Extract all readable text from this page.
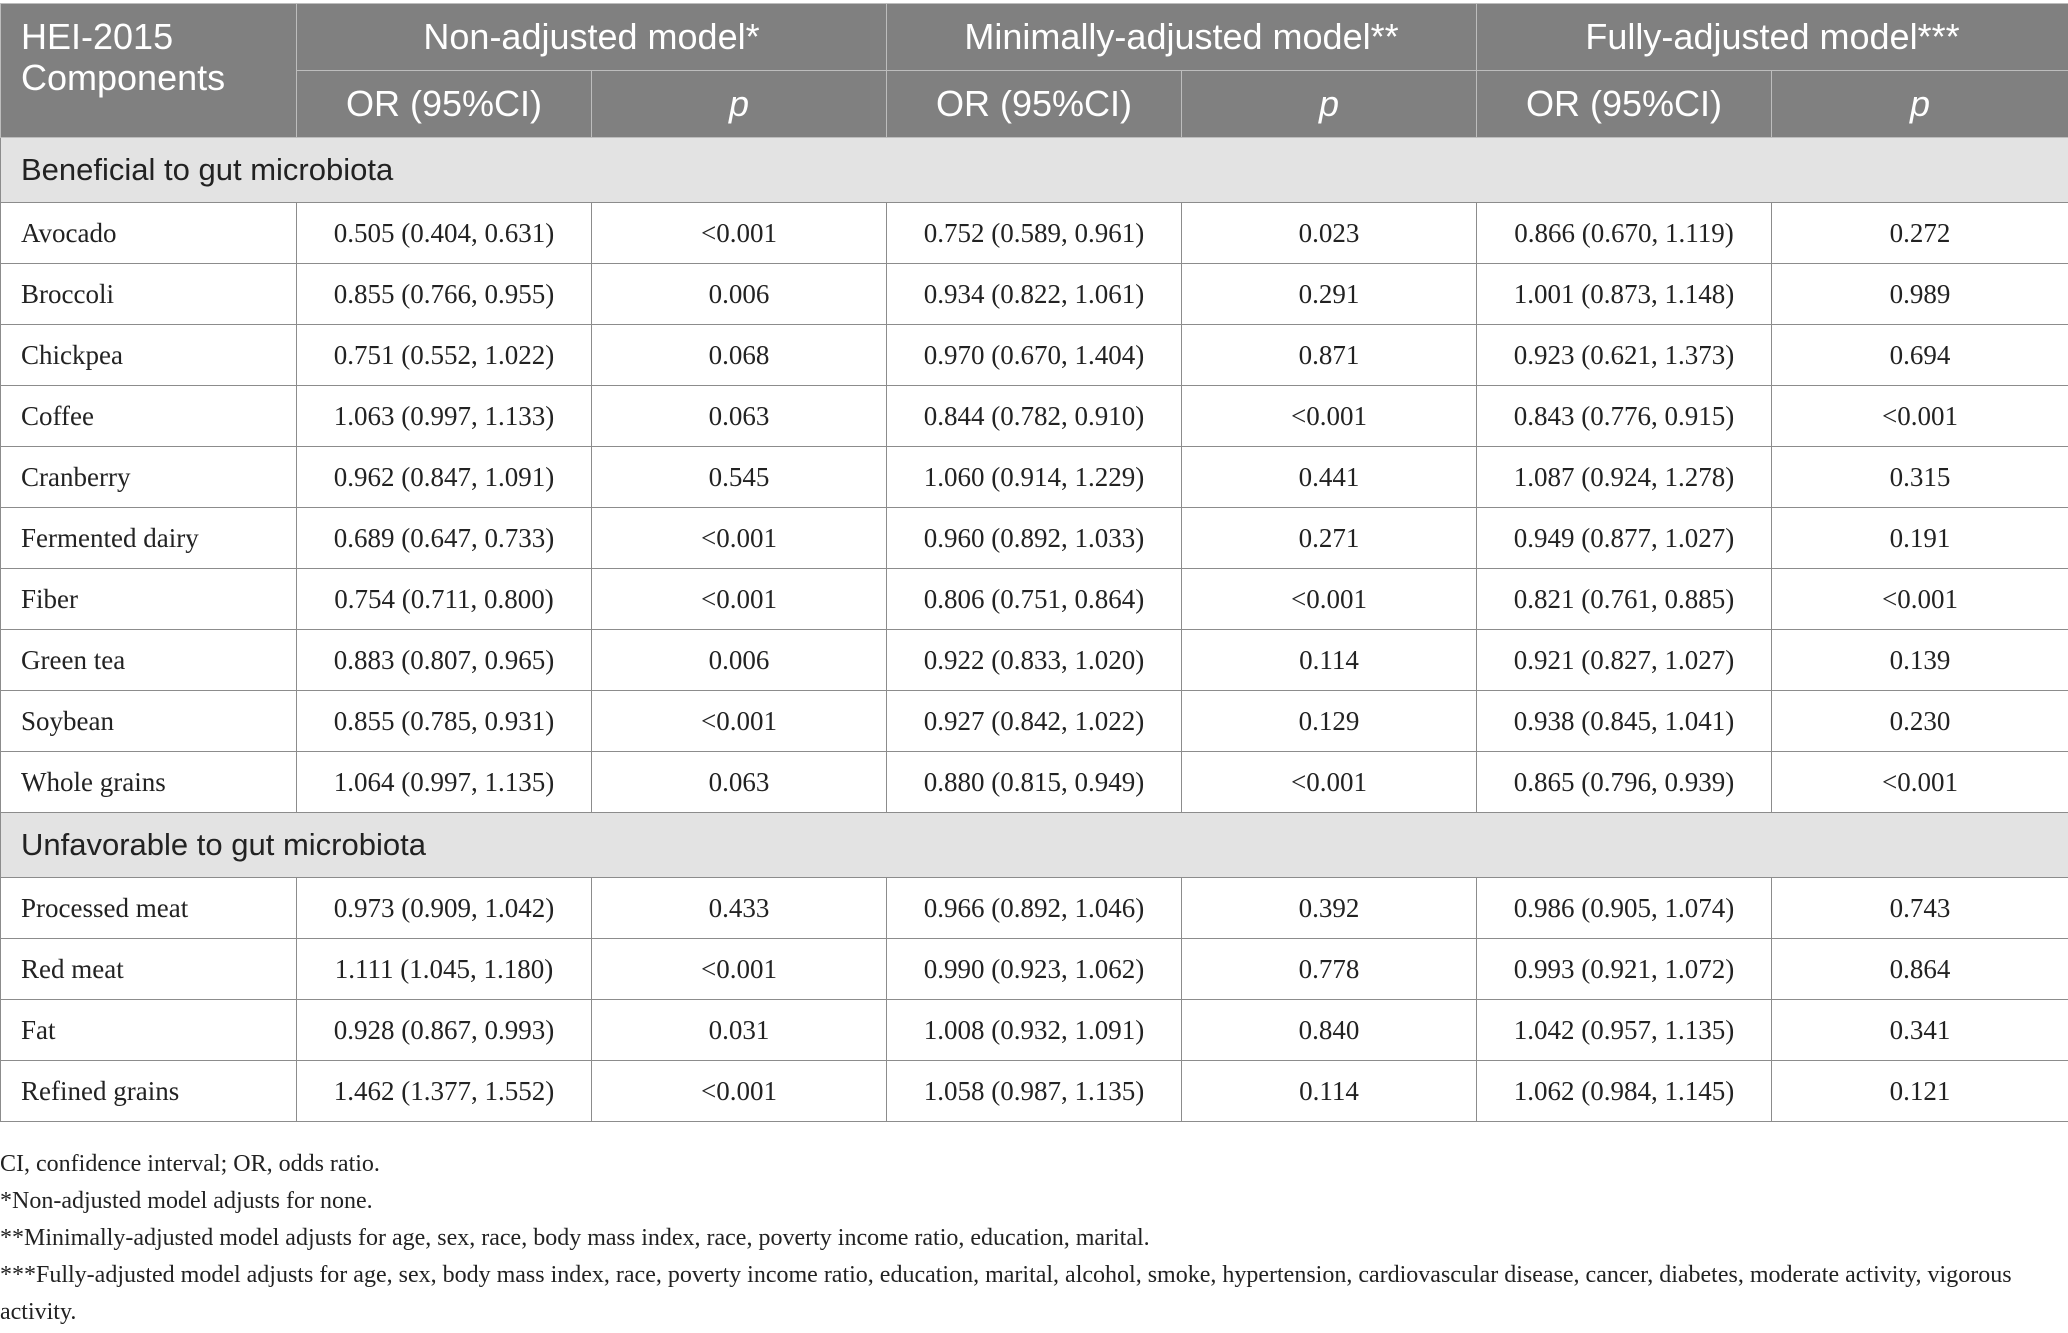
HEI-2015 Components	Non-adjusted model*		Minimally-adjusted model**		Fully-adjusted model***	
	OR (95%CI)	p	OR (95%CI)	p	OR (95%CI)	p
Beneficial to gut microbiota						
Avocado	0.505 (0.404, 0.631)	<0.001	0.752 (0.589, 0.961)	0.023	0.866 (0.670, 1.119)	0.272
Broccoli	0.855 (0.766, 0.955)	0.006	0.934 (0.822, 1.061)	0.291	1.001 (0.873, 1.148)	0.989
Chickpea	0.751 (0.552, 1.022)	0.068	0.970 (0.670, 1.404)	0.871	0.923 (0.621, 1.373)	0.694
Coffee	1.063 (0.997, 1.133)	0.063	0.844 (0.782, 0.910)	<0.001	0.843 (0.776, 0.915)	<0.001
Cranberry	0.962 (0.847, 1.091)	0.545	1.060 (0.914, 1.229)	0.441	1.087 (0.924, 1.278)	0.315
Fermented dairy	0.689 (0.647, 0.733)	<0.001	0.960 (0.892, 1.033)	0.271	0.949 (0.877, 1.027)	0.191
Fiber	0.754 (0.711, 0.800)	<0.001	0.806 (0.751, 0.864)	<0.001	0.821 (0.761, 0.885)	<0.001
Green tea	0.883 (0.807, 0.965)	0.006	0.922 (0.833, 1.020)	0.114	0.921 (0.827, 1.027)	0.139
Soybean	0.855 (0.785, 0.931)	<0.001	0.927 (0.842, 1.022)	0.129	0.938 (0.845, 1.041)	0.230
Whole grains	1.064 (0.997, 1.135)	0.063	0.880 (0.815, 0.949)	<0.001	0.865 (0.796, 0.939)	<0.001
Unfavorable to gut microbiota						
Processed meat	0.973 (0.909, 1.042)	0.433	0.966 (0.892, 1.046)	0.392	0.986 (0.905, 1.074)	0.743
Red meat	1.111 (1.045, 1.180)	<0.001	0.990 (0.923, 1.062)	0.778	0.993 (0.921, 1.072)	0.864
Fat	0.928 (0.867, 0.993)	0.031	1.008 (0.932, 1.091)	0.840	1.042 (0.957, 1.135)	0.341
Refined grains	1.462 (1.377, 1.552)	<0.001	1.058 (0.987, 1.135)	0.114	1.062 (0.984, 1.145)	0.121
CI, confidence interval; OR, odds ratio.
*Non-adjusted model adjusts for none.
**Minimally-adjusted model adjusts for age, sex, race, body mass index, race, poverty income ratio, education, marital.
***Fully-adjusted model adjusts for age, sex, body mass index, race, poverty income ratio, education, marital, alcohol, smoke, hypertension, cardiovascular disease, cancer, diabetes, moderate activity, vigorous activity.
